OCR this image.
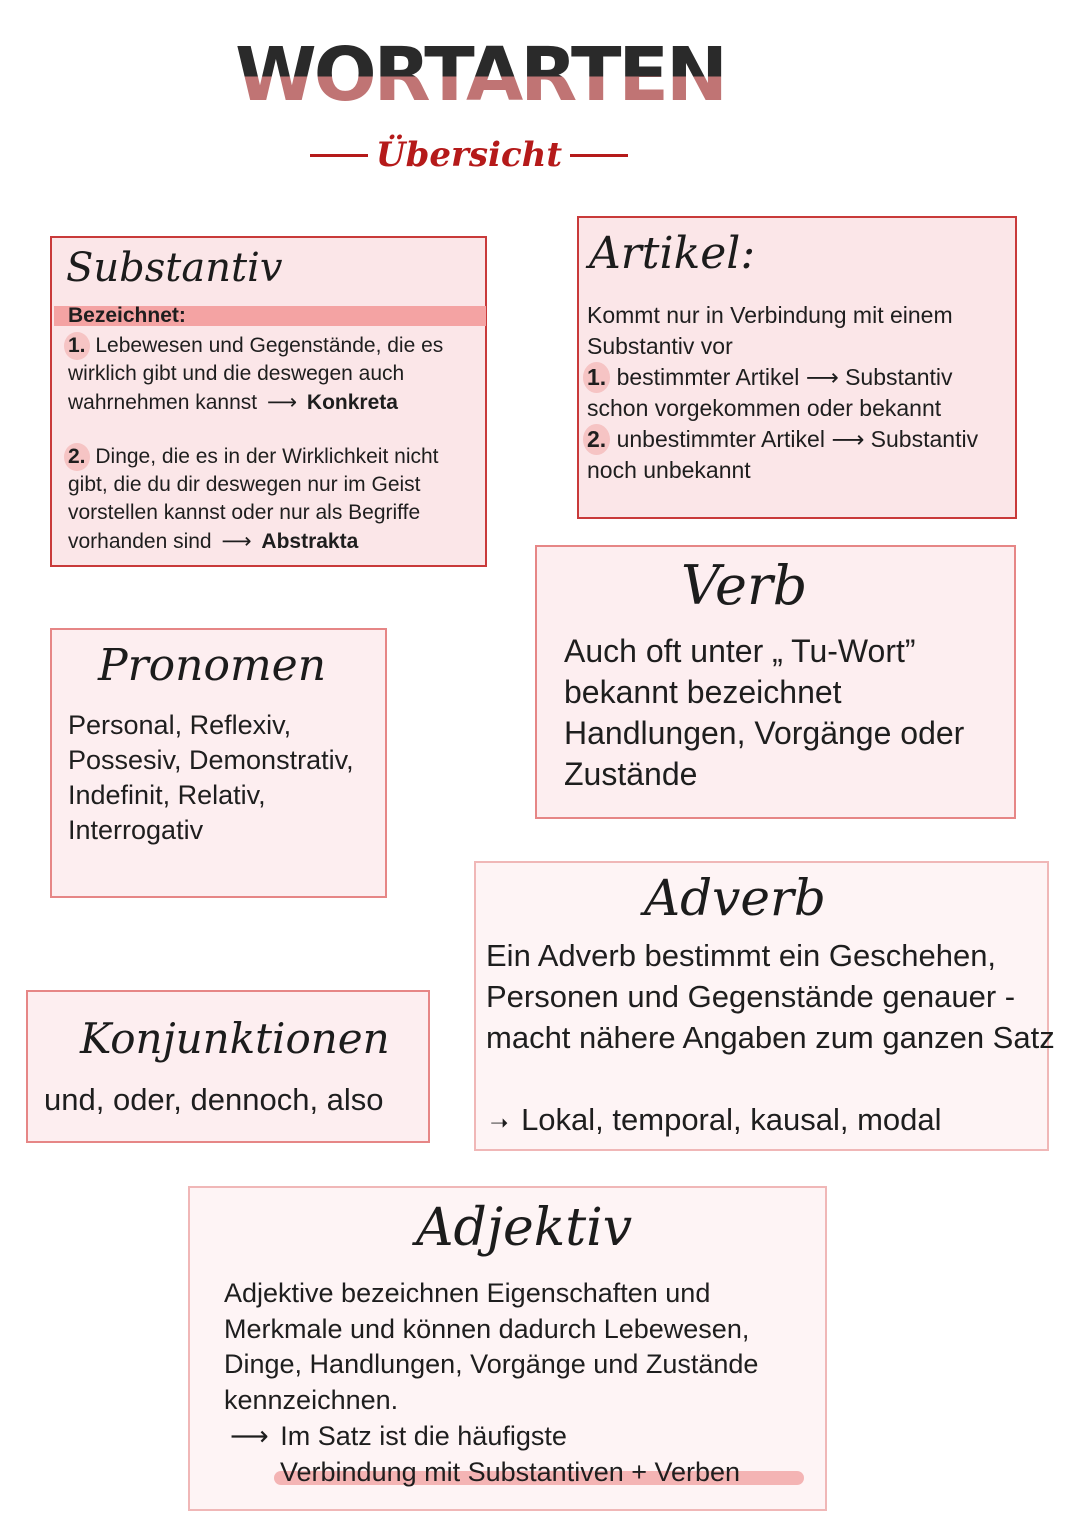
WORTARTEN
Übersicht
Substantiv
Bezeichnet:
1. Lebewesen und Gegenstände, die es wirklich gibt und die deswegen auch wahrnehmen kannst ⟶ Konkreta
2. Dinge, die es in der Wirklichkeit nicht gibt, die du dir deswegen nur im Geist vorstellen kannst oder nur als Begriffe vorhanden sind ⟶ Abstrakta
Artikel:
Kommt nur in Verbindung mit einem Substantiv vor
1. bestimmter Artikel ⟶ Substantiv schon vorgekommen oder bekannt
2. unbestimmter Artikel ⟶ Substantiv noch unbekannt
Verb
Auch oft unter „ Tu-Wort” bekannt bezeichnet Handlungen, Vorgänge oder Zustände
Pronomen
Personal, Reflexiv, Possesiv, Demonstrativ, Indefinit, Relativ, Interrogativ
Adverb
Ein Adverb bestimmt ein Geschehen, Personen und Gegenstände genauer - macht nähere Angaben zum ganzen Satz
➝ Lokal, temporal, kausal, modal
Konjunktionen
und, oder, dennoch, also
Adjektiv
Adjektive bezeichnen Eigenschaften und Merkmale und können dadurch Lebewesen, Dinge, Handlungen, Vorgänge und Zustände kennzeichnen.
⟶ Im Satz ist die häufigste
Verbindung mit Substantiven + Verben
